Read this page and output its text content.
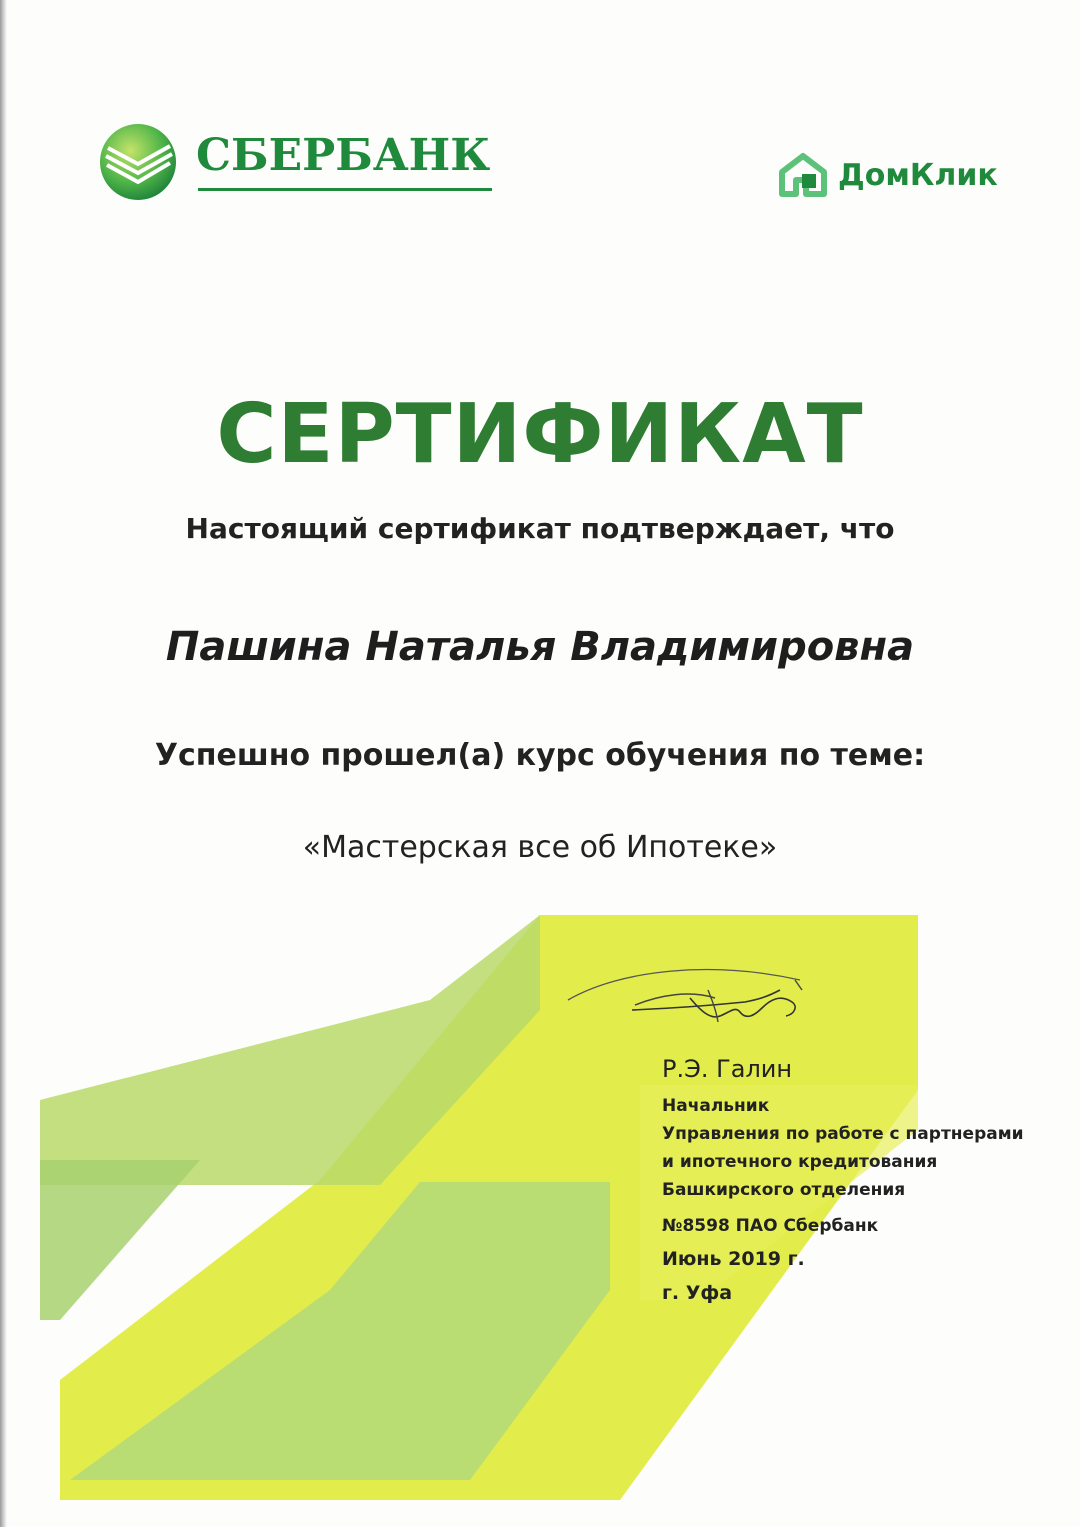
СБЕРБАНК	ДомКлик
СЕРТИФИКАТ
Настоящий сертификат подтверждает, что
Пашина Наталья Владимировна
Успешно прошел(а) курс обучения по теме:
«Мастерская все об Ипотеке»
Р.Э. Галин
Начальник
Управления по работе с партнерами
и ипотечного кредитования
Башкирского отделения
№8598 ПАО Сбербанк
Июнь 2019 г.
г. Уфа
